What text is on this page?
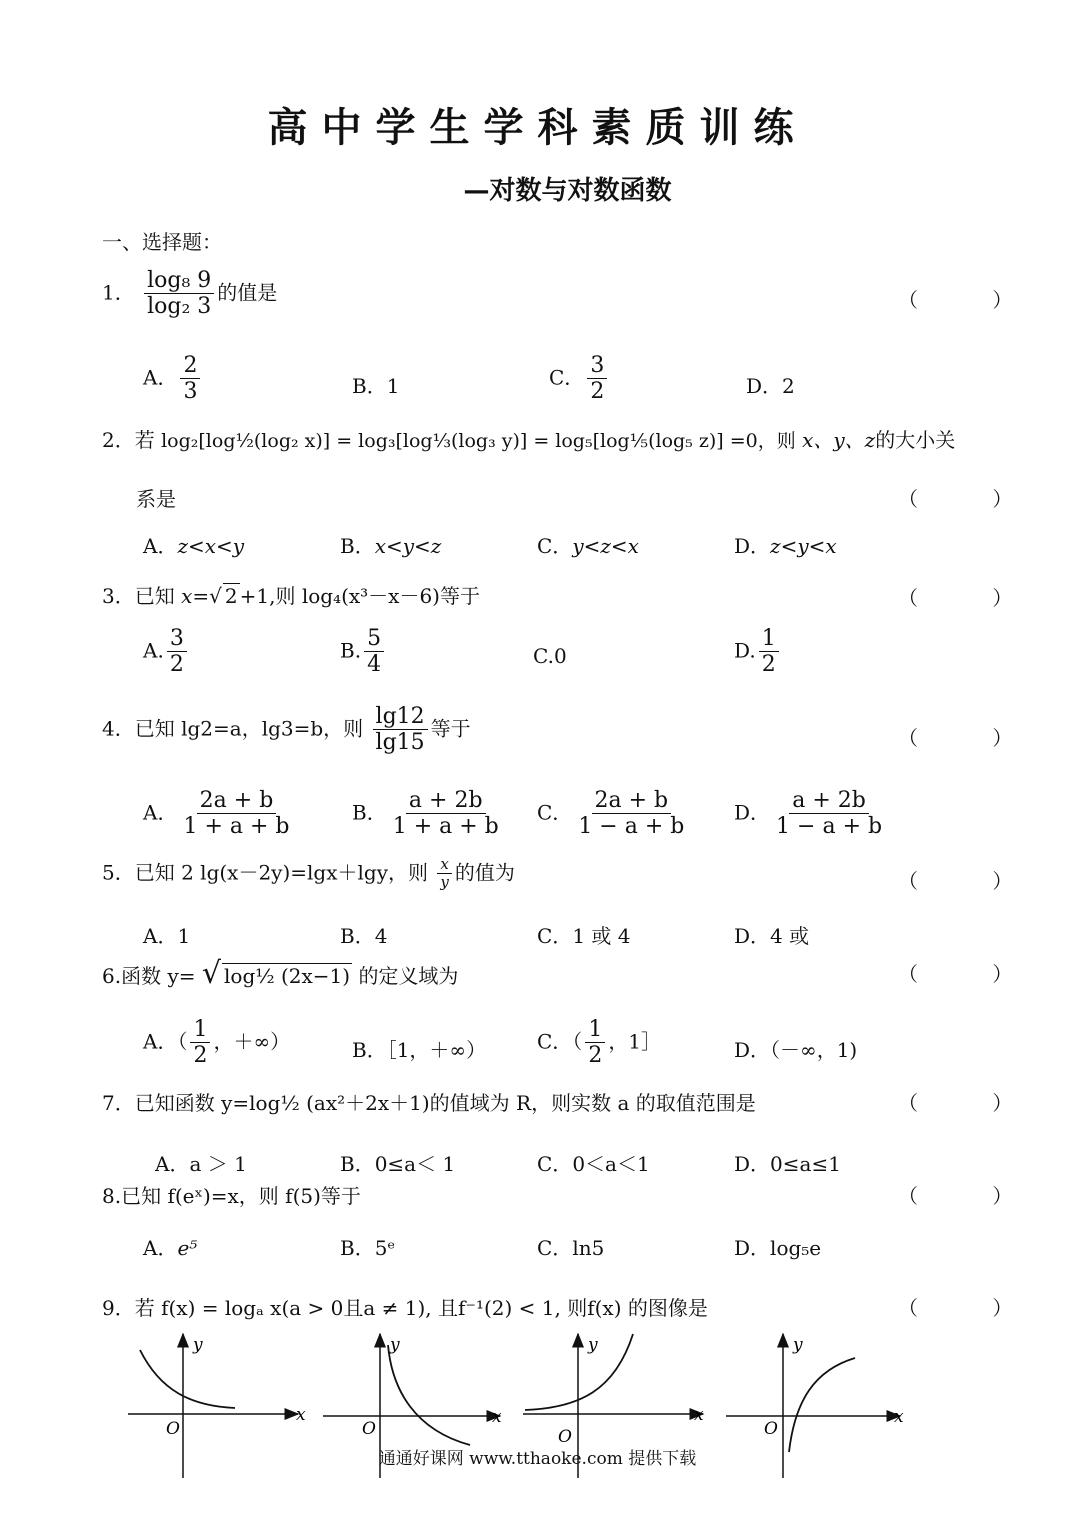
高中学生学科素质训练
—对数与对数函数
一、选择题：
1． $\frac{\text{log₈ 9}}{\text{log₂ 3}}$ 的值是	（ ）
A． $\frac{2}{3}$	B．1	C． $\frac{3}{2}$	D．2
2．若 log₂[log½(log₂ x)] = log₃[log⅓(log₃ y)] = log₅[log⅕(log₅ z)] =0，则 x、y、z的大小关
系是	（ ）
A．z<x<y	B．x<y<z	C．y<z<x	D．z<y<x
3．已知 x=√ 2 +1,则 log₄(x³－x－6)等于	（ ）
A. $\frac{3}{2}$	B. $\frac{5}{4}$	C.0	D. $\frac{1}{2}$
4．已知 lg2=a，lg3=b，则 $\frac{\lg 12}{\lg 15}$ 等于	（ ）
A． $\frac{2a + b}{1 + a + b}$	B． $\frac{a + 2b}{1 + a + b}$ C． $\frac{2a + b}{1 - a + b}$ D． $\frac{a + 2b}{1 - a + b}$
5．已知 2 lg(x－2y)=lgx＋lgy，则 $\frac{x}{y}$ 的值为	（ ）
A．1	B．4	C．1 或 4	D．4 或
6.函数 y= √ log½ (2x−1) 的定义域为	（ ）
A．（ $\frac{1}{2}$ ，＋∞）	B．［1，＋∞）	C．（ $\frac{1}{2}$ ，1］	D．（－∞，1)
7．已知函数 y=log½ (ax²＋2x＋1)的值域为 R，则实数 a 的取值范围是	（ ）
A．a ＞ 1	B．0≤a＜ 1	C．0＜a＜1	D．0≤a≤1
8.已知 f(eˣ)=x，则 f(5)等于	（ ）
A．e⁵	B．5ᵉ	C．ln5	D．log₅e
9．若 f(x) = logₐ x(a > 0且a ≠ 1), 且f⁻¹(2) < 1, 则f(x) 的图像是	（ ）
y
x
O
y
x
O
y
x
O
y
x
O
通通好课网 www.tthaoke.com 提供下载
